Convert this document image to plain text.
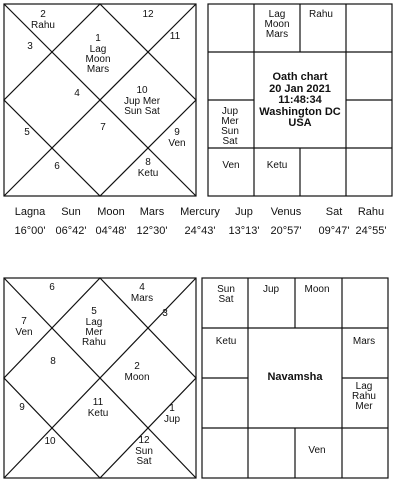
2
Rahu
12
3
1
Lag
Moon
Mars
11
4	10
Jup Mer
Sun Sat
7
5	9
Ven
6	8
Ketu
Lag
Moon
Mars
Rahu
Oath chart
20 Jan 2021
11:48:34
Washington DC
USA
Jup
Mer
Sun
Sat
Ven	Ketu
Lagna Sun Moon Mars Mercury Jup Venus Sat Rahu
16°00' 06°42' 04°48' 12°30' 24°43' 13°13' 20°57' 09°47' 24°55'
6	4
Mars
7
Ven
5
Lag
Mer
Rahu
3
8	2
Moon
9	11
Ketu	1
Jup
10	12
Sun
Sat
Sun
Sat
Jup	Moon
Ketu
Navamsha
Mars
Lag Rahu
Mer
Ven
